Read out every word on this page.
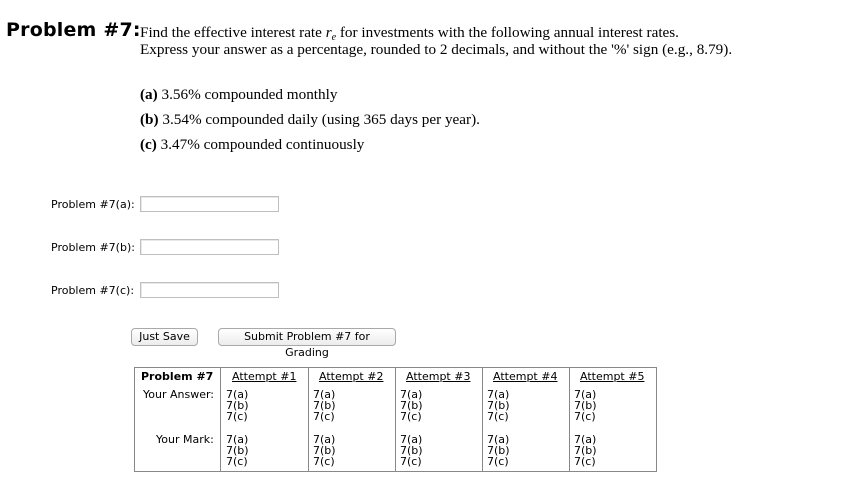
Problem #7: Find the effective interest rate $r_e$ for investments with the following annual interest rates.
Express your answer as a percentage, rounded to 2 decimals, and without the '%' sign (e.g., 8.79).
(a) 3.56% compounded monthly
(b) 3.54% compounded daily (using 365 days per year).
(c) 3.47% compounded continuously
Problem #7(a):
Problem #7(b):
Problem #7(c):
Just Save	Submit Problem #7 for Grading
Problem #7
Your Answer:
Your Mark:
Attempt #1
7(a)
7(b)
7(c)
7(a)
7(b)
7(c)
Attempt #2
7(a)
7(b)
7(c)
7(a)
7(b)
7(c)
Attempt #3
7(a)
7(b)
7(c)
7(a)
7(b)
7(c)
Attempt #4
7(a)
7(b)
7(c)
7(a)
7(b)
7(c)
Attempt #5
7(a)
7(b)
7(c)
7(a)
7(b)
7(c)
